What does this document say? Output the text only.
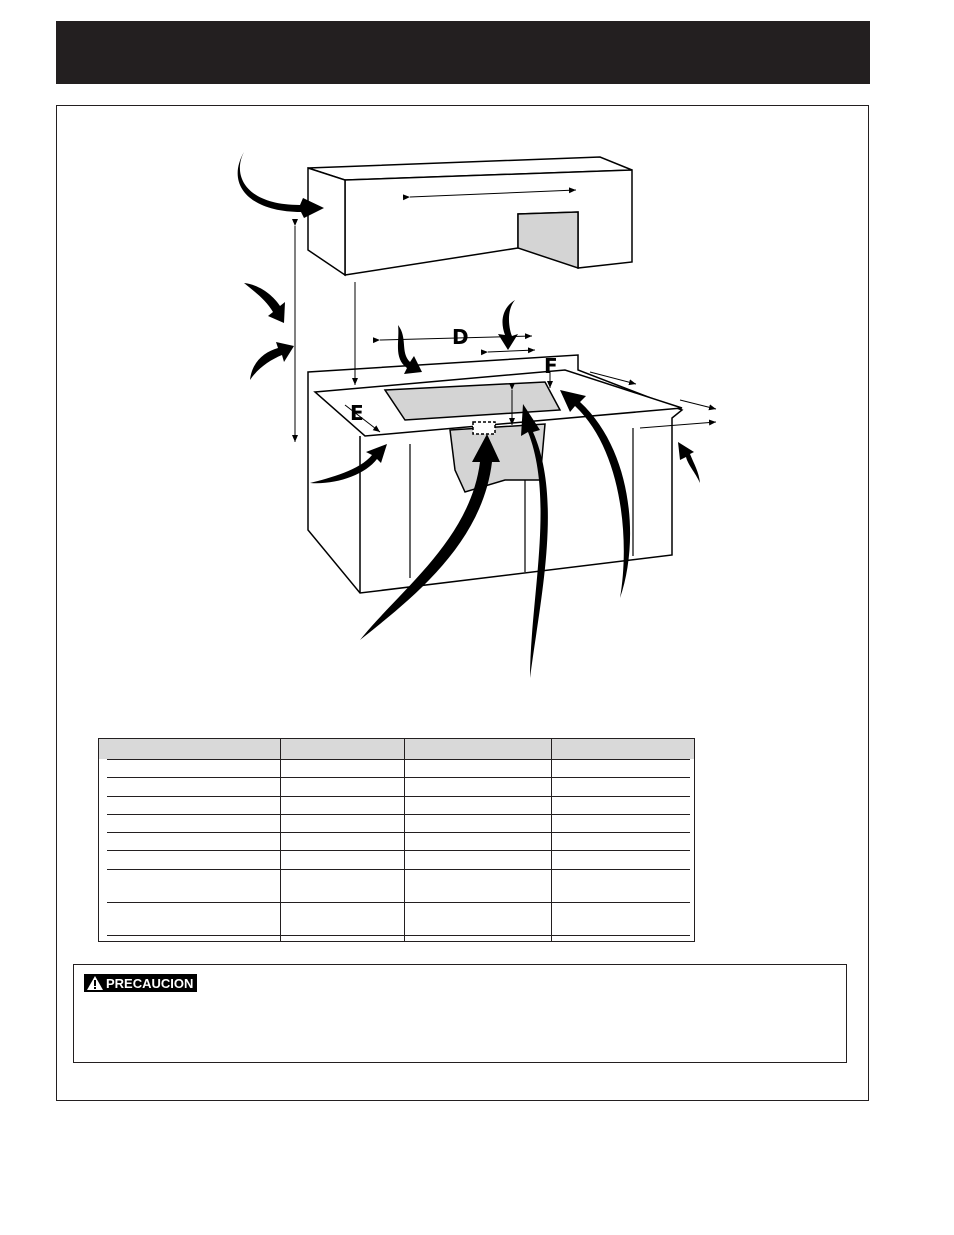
D
E
F
PRECAUCION
